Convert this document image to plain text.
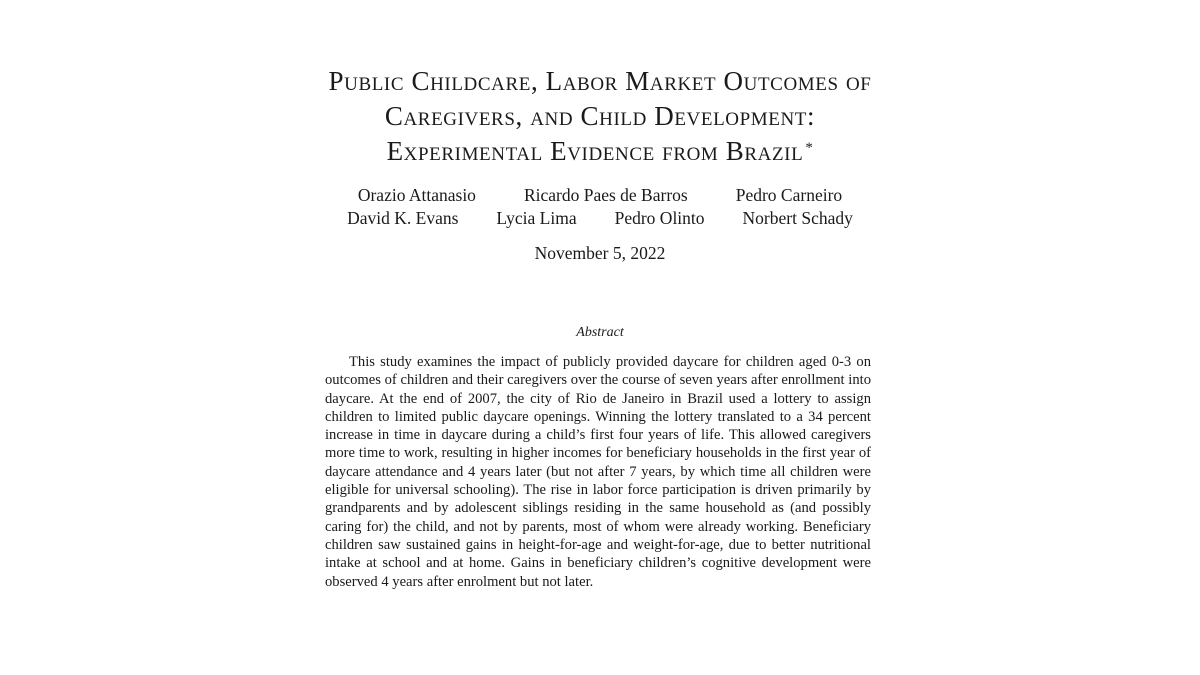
Public Childcare, Labor Market Outcomes of
Caregivers, and Child Development:
Experimental Evidence from Brazil *
Orazio Attanasio	Ricardo Paes de Barros	Pedro Carneiro
David K. Evans Lycia Lima Pedro Olinto Norbert Schady
November 5, 2022
Abstract

This study examines the impact of publicly provided daycare for children aged 0-3 on outcomes of children and their caregivers over the course of seven years after enrollment into daycare. At the end of 2007, the city of Rio de Janeiro in Brazil used a lottery to assign children to limited public daycare openings. Winning the lottery translated to a 34 percent increase in time in daycare during a child’s first four years of life. This allowed caregivers more time to work, resulting in higher incomes for beneficiary households in the first year of daycare attendance and 4 years later (but not after 7 years, by which time all children were eligible for universal schooling). The rise in labor force participation is driven primarily by grandparents and by adolescent siblings residing in the same household as (and possibly caring for) the child, and not by parents, most of whom were already working. Beneficiary children saw sustained gains in height-for-age and weight-for-age, due to better nutritional intake at school and at home. Gains in beneficiary children’s cognitive development were observed 4 years after enrolment but not later.
